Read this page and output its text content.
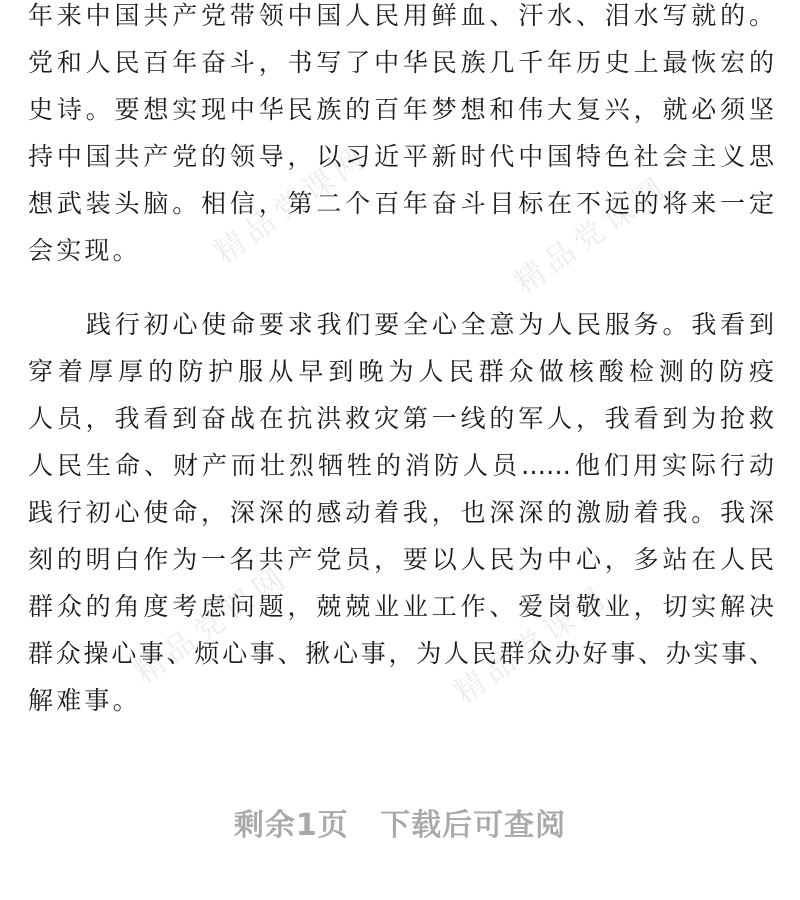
精品党课网	精品党课网
精品党课网	精品党课网
年来中国共产党带领中国人民用鲜血、汗水、泪水写就的。
党和人民百年奋斗，书写了中华民族几千年历史上最恢宏的
史诗。要想实现中华民族的百年梦想和伟大复兴，就必须坚
持中国共产党的领导，以习近平新时代中国特色社会主义思
想武装头脑。相信，第二个百年奋斗目标在不远的将来一定
会实现。
践行初心使命要求我们要全心全意为人民服务。我看到
穿着厚厚的防护服从早到晚为人民群众做核酸检测的防疫
人员，我看到奋战在抗洪救灾第一线的军人，我看到为抢救
人民生命、财产而壮烈牺牲的消防人员……他们用实际行动
践行初心使命，深深的感动着我，也深深的激励着我。我深
刻的明白作为一名共产党员，要以人民为中心，多站在人民
群众的角度考虑问题，兢兢业业工作、爱岗敬业，切实解决
群众操心事、烦心事、揪心事，为人民群众办好事、办实事、
解难事。
剩余1页 下载后可查阅
